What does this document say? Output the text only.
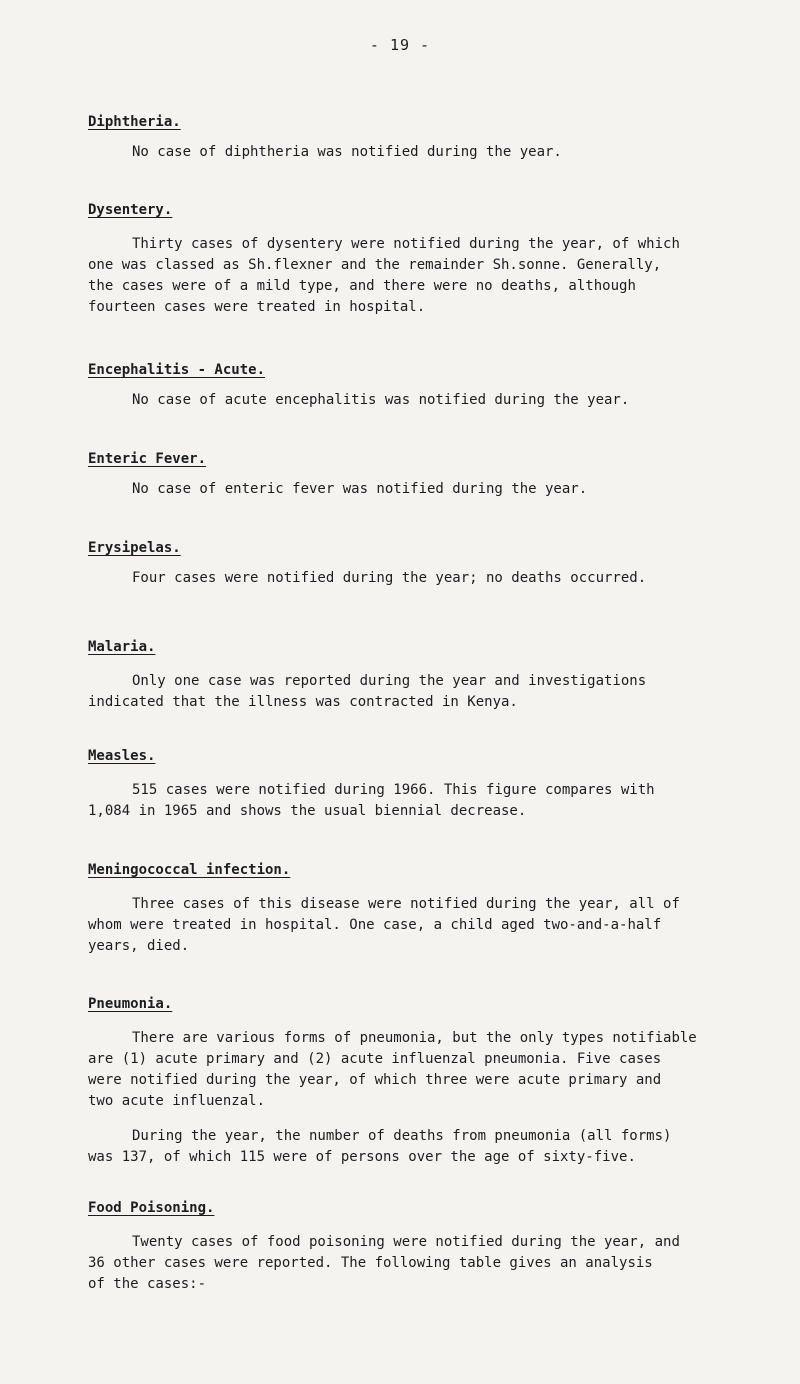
- 19 -
Diphtheria.

No case of diphtheria was notified during the year.

Dysentery.

Thirty cases of dysentery were notified during the year, of which
one was classed as Sh.flexner and the remainder Sh.sonne. Generally,
the cases were of a mild type, and there were no deaths, although
fourteen cases were treated in hospital.

Encephalitis - Acute.

No case of acute encephalitis was notified during the year.

Enteric Fever.

No case of enteric fever was notified during the year.

Erysipelas.

Four cases were notified during the year; no deaths occurred.

Malaria.

Only one case was reported during the year and investigations
indicated that the illness was contracted in Kenya.

Measles.

515 cases were notified during 1966. This figure compares with
1,084 in 1965 and shows the usual biennial decrease.

Meningococcal infection.

Three cases of this disease were notified during the year, all of
whom were treated in hospital. One case, a child aged two-and-a-half
years, died.

Pneumonia.

There are various forms of pneumonia, but the only types notifiable
are (1) acute primary and (2) acute influenzal pneumonia. Five cases
were notified during the year, of which three were acute primary and
two acute influenzal.

During the year, the number of deaths from pneumonia (all forms)
was 137, of which 115 were of persons over the age of sixty-five.

Food Poisoning.

Twenty cases of food poisoning were notified during the year, and
36 other cases were reported. The following table gives an analysis
of the cases:-
